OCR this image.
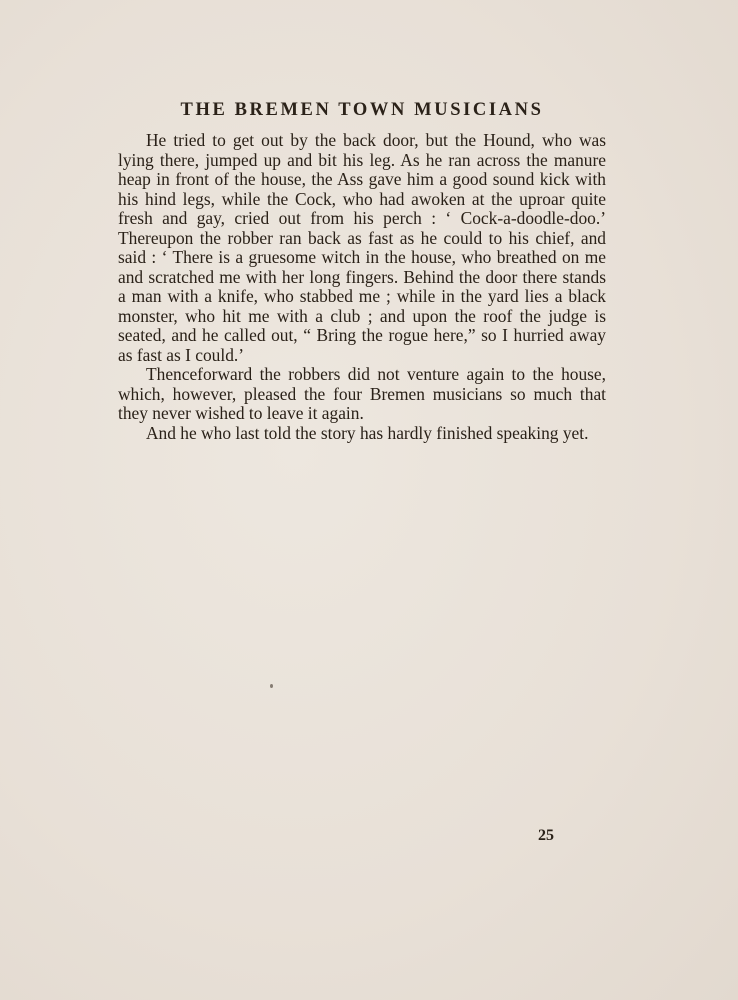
THE BREMEN TOWN MUSICIANS

He tried to get out by the back door, but the Hound, who was lying there, jumped up and bit his leg. As he ran across the manure heap in front of the house, the Ass gave him a good sound kick with his hind legs, while the Cock, who had awoken at the uproar quite fresh and gay, cried out from his perch : ‘ Cock-a-doodle-doo.’ Thereupon the robber ran back as fast as he could to his chief, and said : ‘ There is a gruesome witch in the house, who breathed on me and scratched me with her long fingers. Behind the door there stands a man with a knife, who stabbed me ; while in the yard lies a black monster, who hit me with a club ; and upon the roof the judge is seated, and he called out, “ Bring the rogue here,” so I hurried away as fast as I could.’

Thenceforward the robbers did not venture again to the house, which, however, pleased the four Bremen musicians so much that they never wished to leave it again.

And he who last told the story has hardly finished speaking yet.

25
